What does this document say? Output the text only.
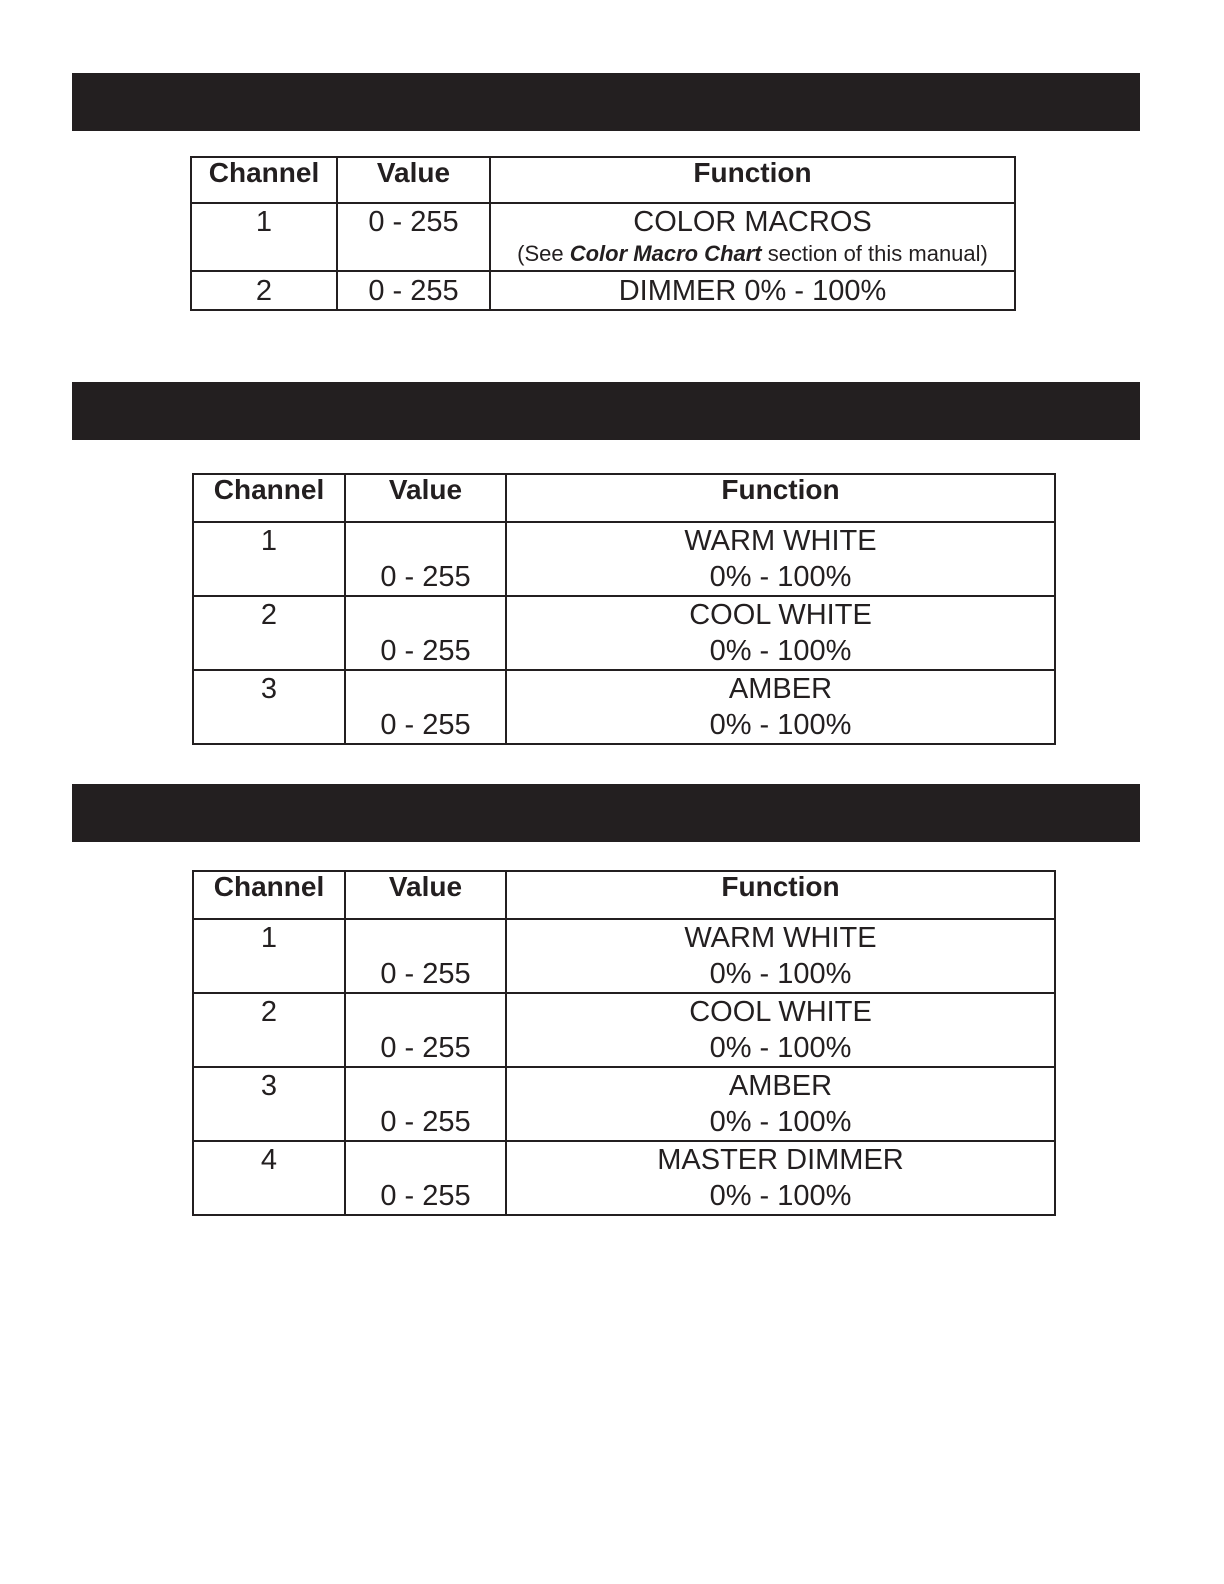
Channel	Value	Function

1	0 - 255	COLOR MACROS
(See Color Macro Chart section of this manual)

2	0 - 255	DIMMER 0% - 100%
Channel	Value	Function
1	0 - 255	WARM WHITE
0% - 100%

2	0 - 255	COOL WHITE
0% - 100%

3	0 - 255	AMBER
0% - 100%
Channel	Value	Function
1	0 - 255	WARM WHITE
0% - 100%

2	0 - 255	COOL WHITE
0% - 100%

3	0 - 255	AMBER
0% - 100%

4	0 - 255	MASTER DIMMER
0% - 100%
